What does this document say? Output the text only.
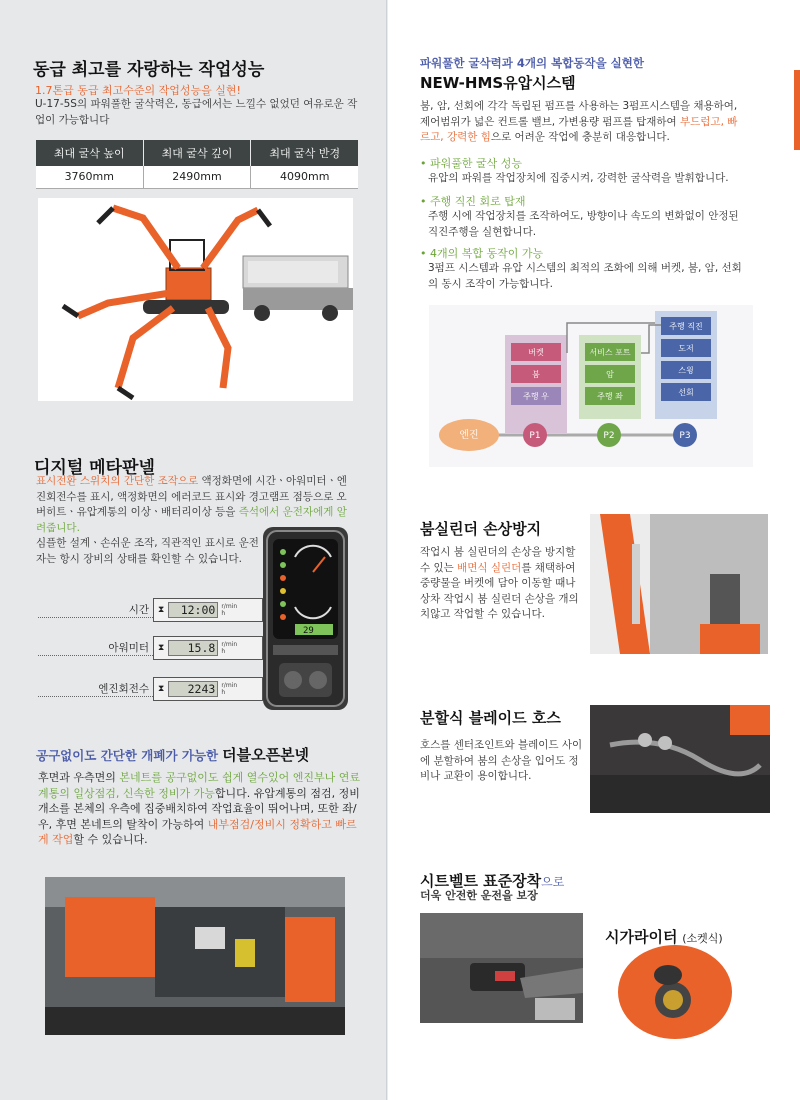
동급 최고를 자랑하는 작업성능
1.7톤급 동급 최고수준의 작업성능을 실현!
U-17-5S의 파워풀한 굴삭력은, 동급에서는 느낄수 없었던 여유로운 작업이 가능합니다
최대 굴삭 높이	최대 굴삭 깊이	최대 굴삭 반경
3760mm	2490mm	4090mm
디지털 메타판넬
표시전환 스위치의 간단한 조작으로 액정화면에 시간ㆍ아워미터ㆍ엔진회전수를 표시, 액정화면의 에러코드 표시와 경고램프 점등으로 오버히트ㆍ유압계통의 이상ㆍ배터리이상 등을 즉석에서 운전자에게 알려줍니다.
심플한 설계ㆍ손쉬운 조작, 직관적인 표시로 운전자는 항시 장비의 상태를 확인할 수 있습니다.
시간	⧗	12:00	r/min
h
아워미터	⧗	15.8	r/min
h
엔진회전수	⧗	2243	r/min
h
29
공구없이도 간단한 개폐가 가능한 더블오픈본넷
후면과 우측면의 본네트를 공구없이도 쉽게 열수있어 엔진부나 연료계통의 일상점검, 신속한 정비가 가능합니다. 유압계통의 점검, 정비개소를 본체의 우측에 집중배치하여 작업효율이 뛰어나며, 또한 좌/우, 후면 본네트의 탈착이 가능하여 내부점검/정비시 정확하고 빠르게 작업할 수 있습니다.
파워풀한 굴삭력과 4개의 복합동작을 실현한
NEW-HMS유압시스템
붐, 암, 선회에 각각 독립된 펌프를 사용하는 3펌프시스템을 채용하여, 제어범위가 넓은 컨트롤 밸브, 가변용량 펌프를 탑재하여 부드럽고, 빠르고, 강력한 힘으로 어려운 작업에 충분히 대응합니다.
• 파워풀한 굴삭 성능
유압의 파워를 작업장치에 집중시켜, 강력한 굴삭력을 발휘합니다.
• 주행 직진 회로 탑재
주행 시에 작업장치를 조작하여도, 방향이나 속도의 변화없이 안정된 직진주행을 실현합니다.
• 4개의 복합 동작이 가능
3펌프 시스템과 유압 시스템의 최적의 조화에 의해 버켓, 붐, 암, 선회의 동시 조작이 가능합니다.
버켓
붐
주행 우
서비스 포트
암
주행 좌
주행 직진
도저
스윙
선회
엔진	P1	P2	P3
붐실린더 손상방지
작업시 붐 실린더의 손상을 방지할 수 있는 배면식 실린더를 채택하여 중량물을 버켓에 담아 이동할 때나 상차 작업시 붐 실린더 손상을 개의치않고 작업할 수 있습니다.
분할식 블레이드 호스
호스를 센터조인트와 블레이드 사이에 분할하여 붐의 손상을 입어도 정비나 교환이 용이합니다.
시트벨트 표준장착으로
더욱 안전한 운전을 보장
시가라이터 (소켓식)
